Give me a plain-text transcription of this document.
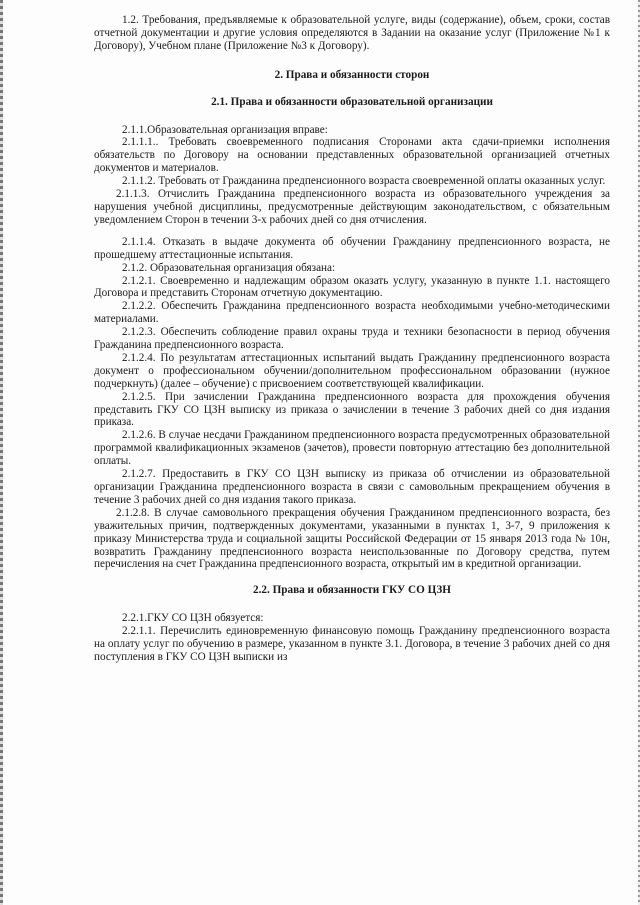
1.2. Требования, предъявляемые к образовательной услуге, виды (содержание), объем, сроки, состав отчетной документации и другие условия определяются в Задании на оказание услуг (Приложение №1 к Договору), Учебном плане (Приложение №3 к Договору).

2. Права и обязанности сторон

2.1. Права и обязанности образовательной организации

2.1.1.Образовательная организация вправе:

2.1.1.1.. Требовать своевременного подписания Сторонами акта сдачи-приемки исполнения обязательств по Договору на основании представленных образовательной организацией отчетных документов и материалов.

2.1.1.2. Требовать от Гражданина предпенсионного возраста своевременной оплаты оказанных услуг.

2.1.1.3. Отчислить Гражданина предпенсионного возраста из образовательного учреждения за нарушения учебной дисциплины, предусмотренные действующим законодательством, с обязательным уведомлением Сторон в течении 3-х рабочих дней со дня отчисления.

2.1.1.4. Отказать в выдаче документа об обучении Гражданину предпенсионного возраста, не прошедшему аттестационные испытания.

2.1.2. Образовательная организация обязана:

2.1.2.1. Своевременно и надлежащим образом оказать услугу, указанную в пункте 1.1. настоящего Договора и представить Сторонам отчетную документацию.

2.1.2.2. Обеспечить Гражданина предпенсионного возраста необходимыми учебно-методическими материалами.

2.1.2.3. Обеспечить соблюдение правил охраны труда и техники безопасности в период обучения Гражданина предпенсионного возраста.

2.1.2.4. По результатам аттестационных испытаний выдать Гражданину предпенсионного возраста документ о профессиональном обучении/дополнительном профессиональном образовании (нужное подчеркнуть) (далее – обучение) с присвоением соответствующей квалификации.

2.1.2.5. При зачислении Гражданина предпенсионного возраста для прохождения обучения представить ГКУ СО ЦЗН выписку из приказа о зачислении в течение 3 рабочих дней со дня издания приказа.

2.1.2.6. В случае несдачи Гражданином предпенсионного возраста предусмотренных образовательной программой квалификационных экзаменов (зачетов), провести повторную аттестацию без дополнительной оплаты.

2.1.2.7. Предоставить в ГКУ СО ЦЗН выписку из приказа об отчислении из образовательной организации Гражданина предпенсионного возраста в связи с самовольным прекращением обучения в течение 3 рабочих дней со дня издания такого приказа.

2.1.2.8. В случае самовольного прекращения обучения Гражданином предпенсионного возраста, без уважительных причин, подтвержденных документами, указанными в пунктах 1, 3-7, 9 приложения к приказу Министерства труда и социальной защиты Российской Федерации от 15 января 2013 года № 10н, возвратить Гражданину предпенсионного возраста неиспользованные по Договору средства, путем перечисления на счет Гражданина предпенсионного возраста, открытый им в кредитной организации.

2.2. Права и обязанности ГКУ СО ЦЗН

2.2.1.ГКУ СО ЦЗН обязуется:

2.2.1.1. Перечислить единовременную финансовую помощь Гражданину предпенсионного возраста на оплату услуг по обучению в размере, указанном в пункте 3.1. Договора, в течение 3 рабочих дней со дня поступления в ГКУ СО ЦЗН выписки из
